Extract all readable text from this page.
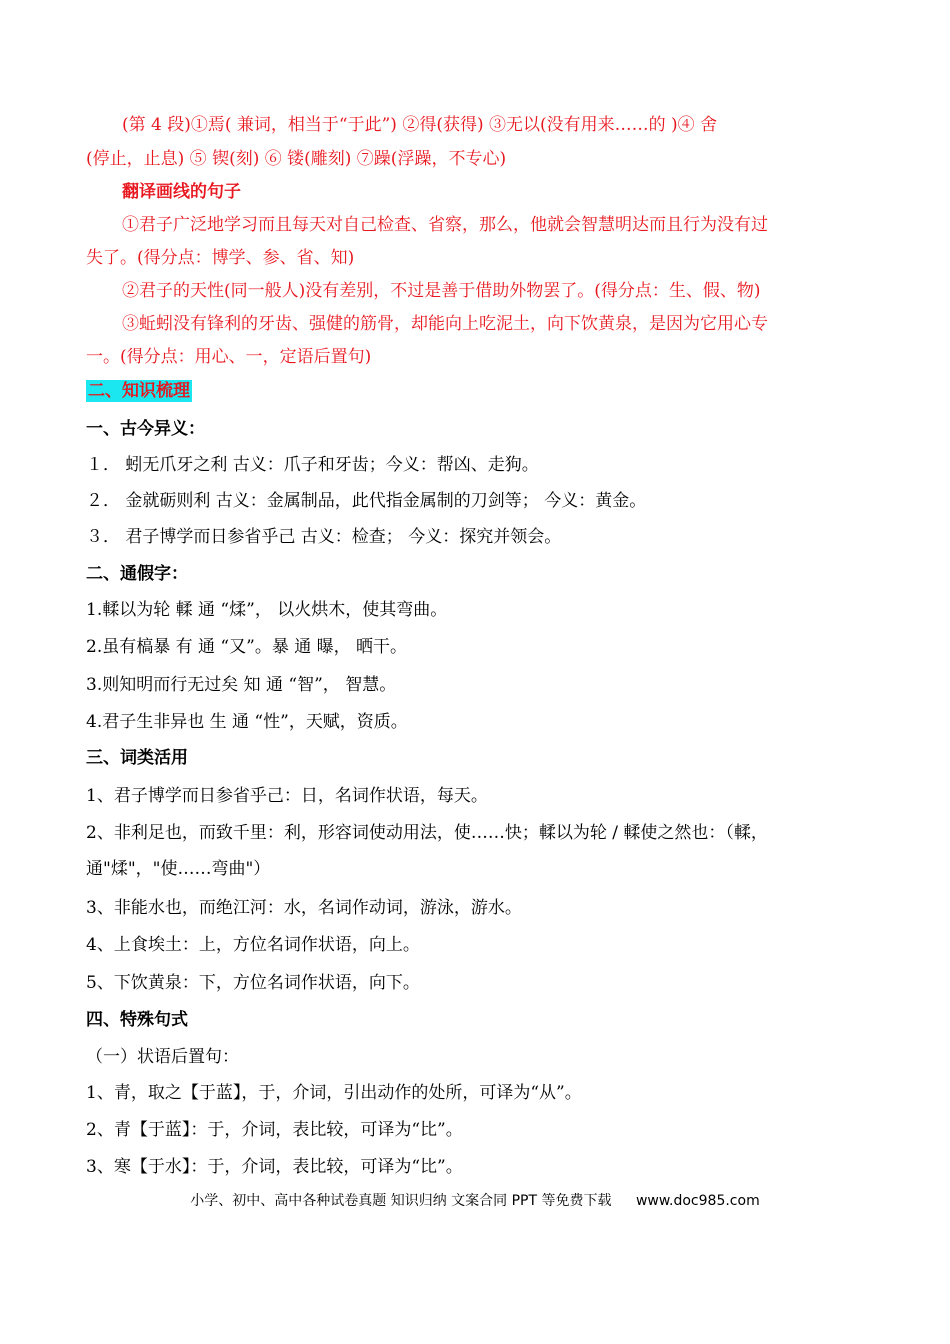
(第 4 段)①焉( 兼词，相当于“于此”) ②得(获得) ③无以(没有用来……的 )④ 舍
(停止，止息) ⑤ 锲(刻) ⑥ 镂(雕刻) ⑦躁(浮躁，不专心)
翻译画线的句子
①君子广泛地学习而且每天对自己检查、省察，那么，他就会智慧明达而且行为没有过
失了。(得分点：博学、参、省、知)
②君子的天性(同一般人)没有差别，不过是善于借助外物罢了。(得分点：生、假、物)
③蚯蚓没有锋利的牙齿、强健的筋骨，却能向上吃泥土，向下饮黄泉，是因为它用心专
一。(得分点：用心、一，定语后置句)
二、知识梳理
一、古今异义：
１． 蚓无爪牙之利 古义：爪子和牙齿；今义：帮凶、走狗。
２． 金就砺则利 古义：金属制品，此代指金属制的刀剑等； 今义：黄金。
３． 君子博学而日参省乎己 古义：检查； 今义：探究并领会。
二、通假字：
1.輮以为轮 輮 通 “煣”， 以火烘木，使其弯曲。
2.虽有槁暴 有 通 “又”。暴 通 曝， 晒干。
3.则知明而行无过矣 知 通 “智”， 智慧。
4.君子生非异也 生 通 “性”，天赋，资质。
三、词类活用
1、君子博学而日参省乎己：日，名词作状语，每天。
2、非利足也，而致千里：利，形容词使动用法，使……快；輮以为轮 / 輮使之然也：（輮，
通"煣"，"使……弯曲"）
3、非能水也，而绝江河：水，名词作动词，游泳，游水。
4、上食埃土：上，方位名词作状语，向上。
5、下饮黄泉：下，方位名词作状语，向下。
四、特殊句式
（一）状语后置句：
1、青，取之【于蓝】，于，介词，引出动作的处所，可译为“从”。
2、青【于蓝】：于，介词，表比较，可译为“比”。
3、寒【于水】：于，介词，表比较，可译为“比”。
小学、初中、高中各种试卷真题 知识归纳 文案合同 PPT 等免费下载 www.doc985.com
